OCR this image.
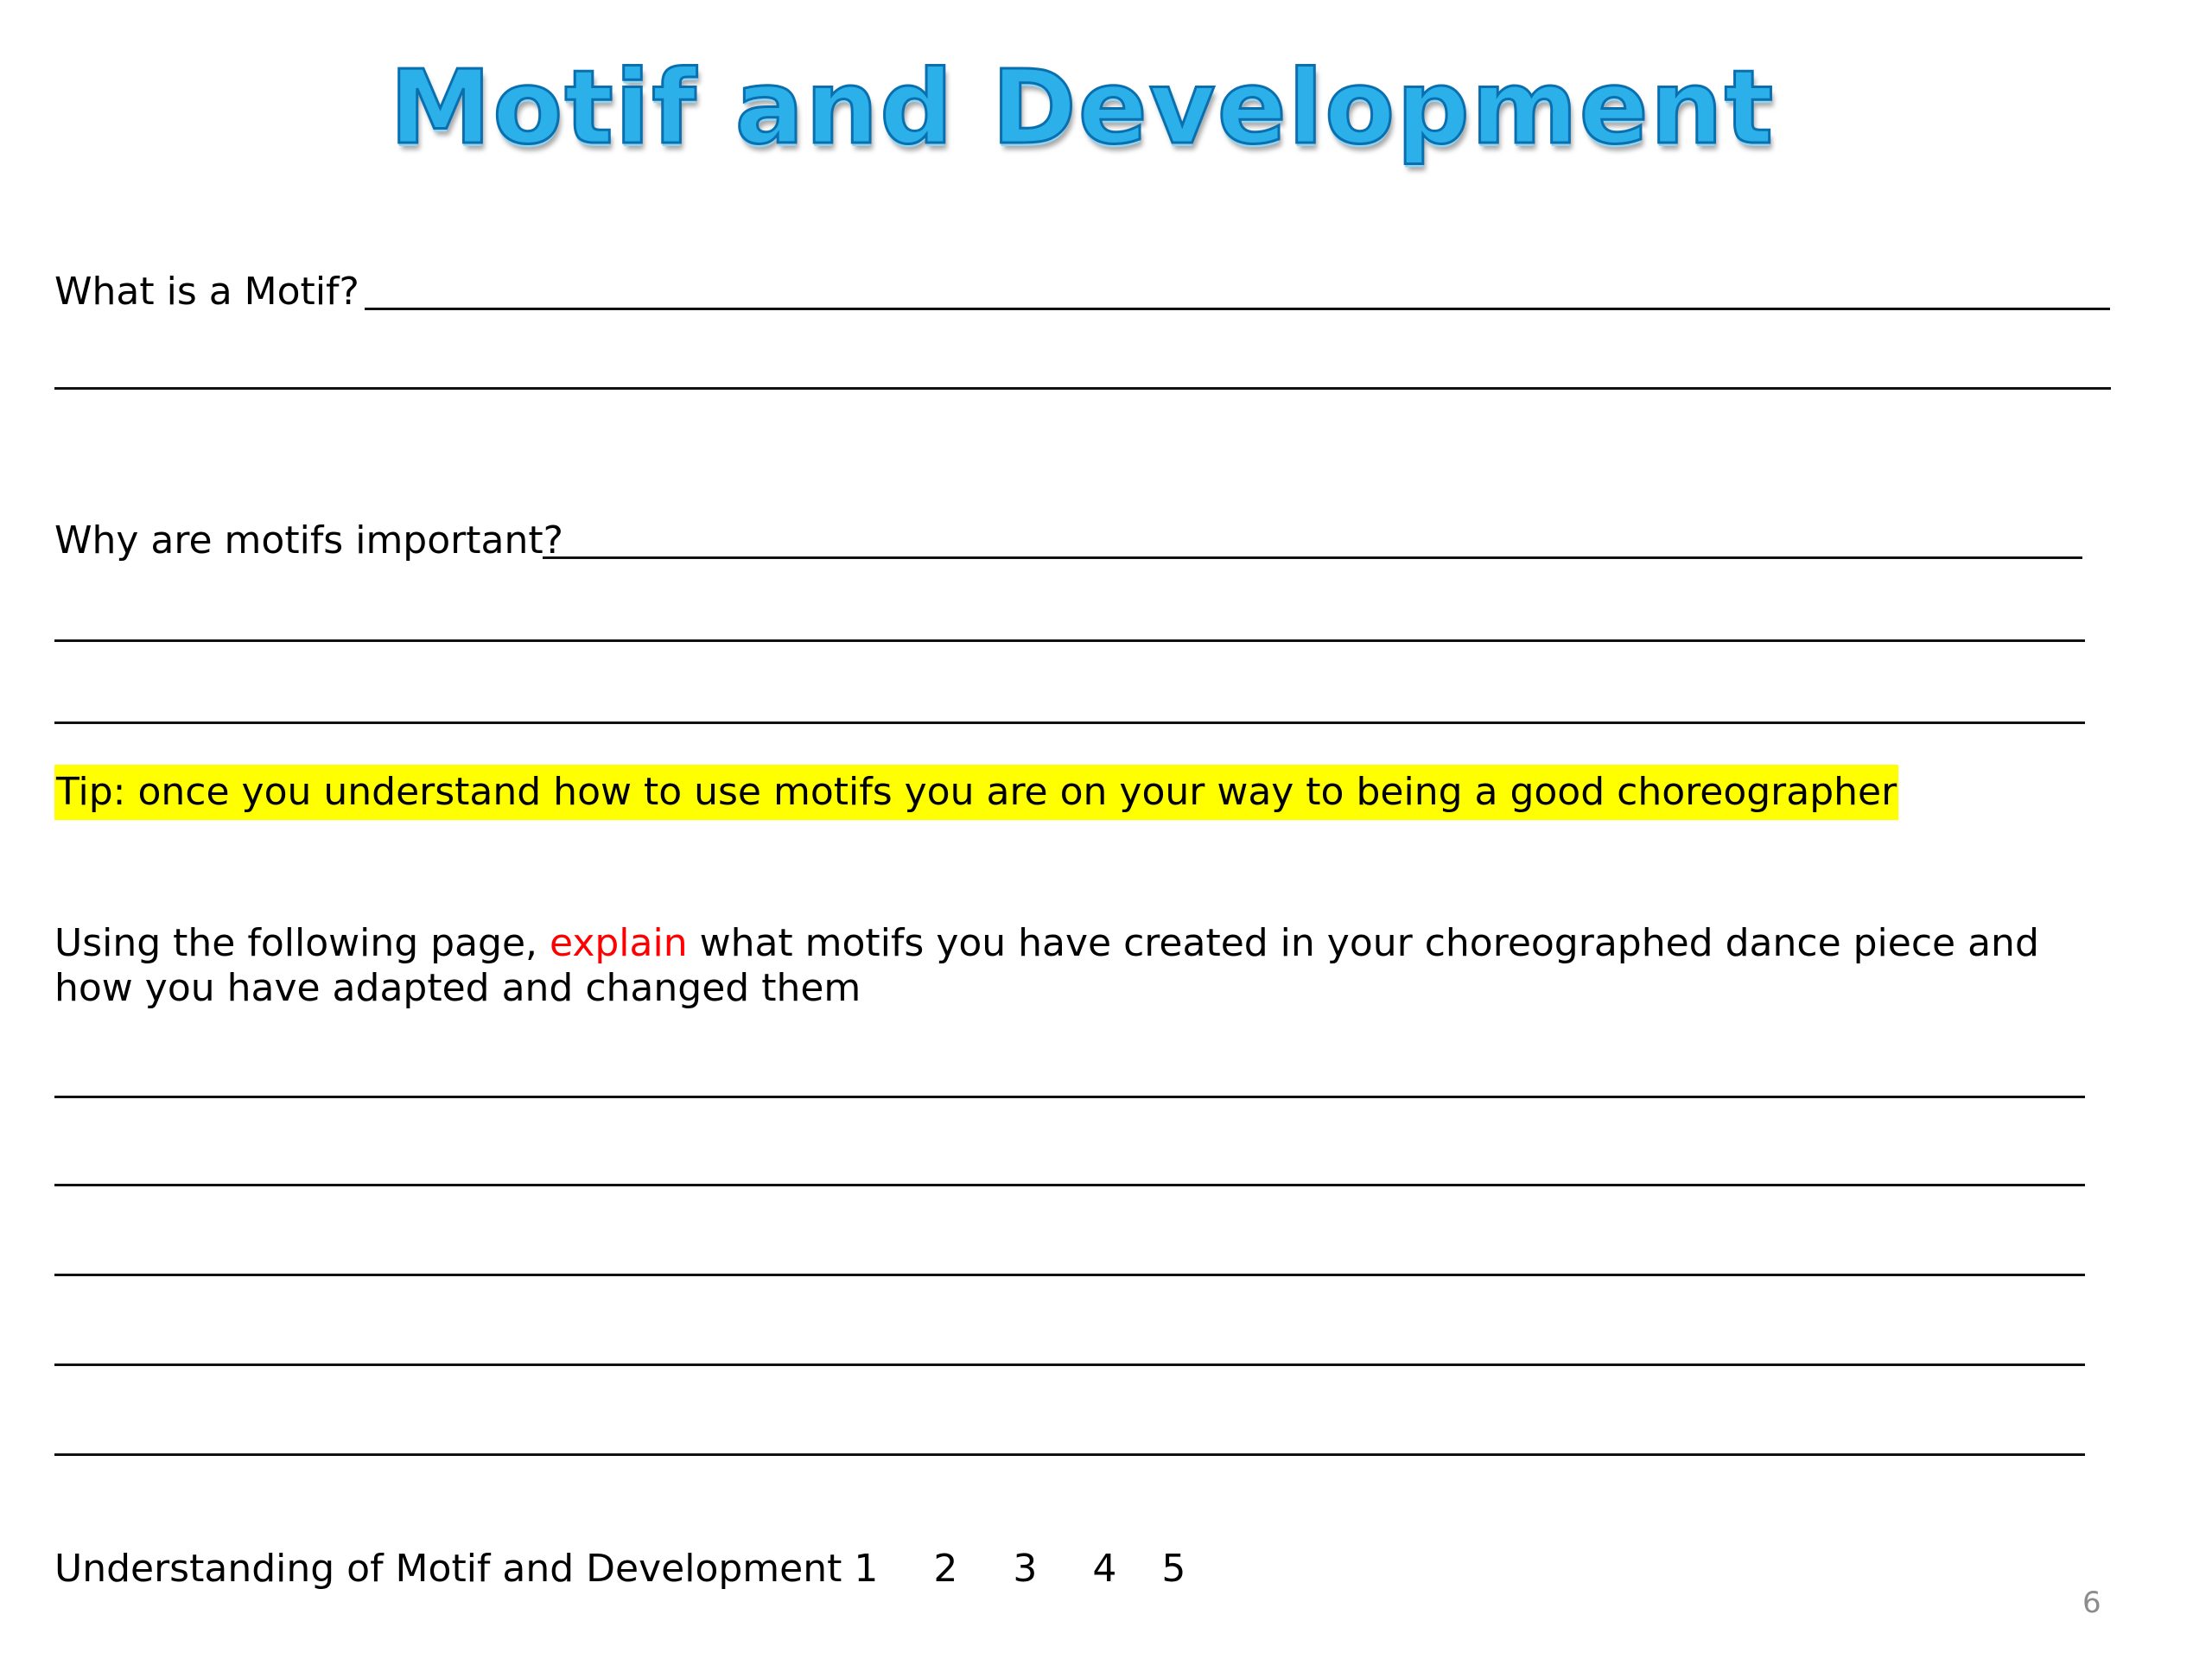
Motif and Development
What is a Motif?
Why are motifs important?
Tip: once you understand how to use motifs you are on your way to being a good choreographer
Using the following page, explain what motifs you have created in your choreographed dance piece and how you have adapted and changed them
Understanding of Motif and Development 1 2 3 4 5
6
